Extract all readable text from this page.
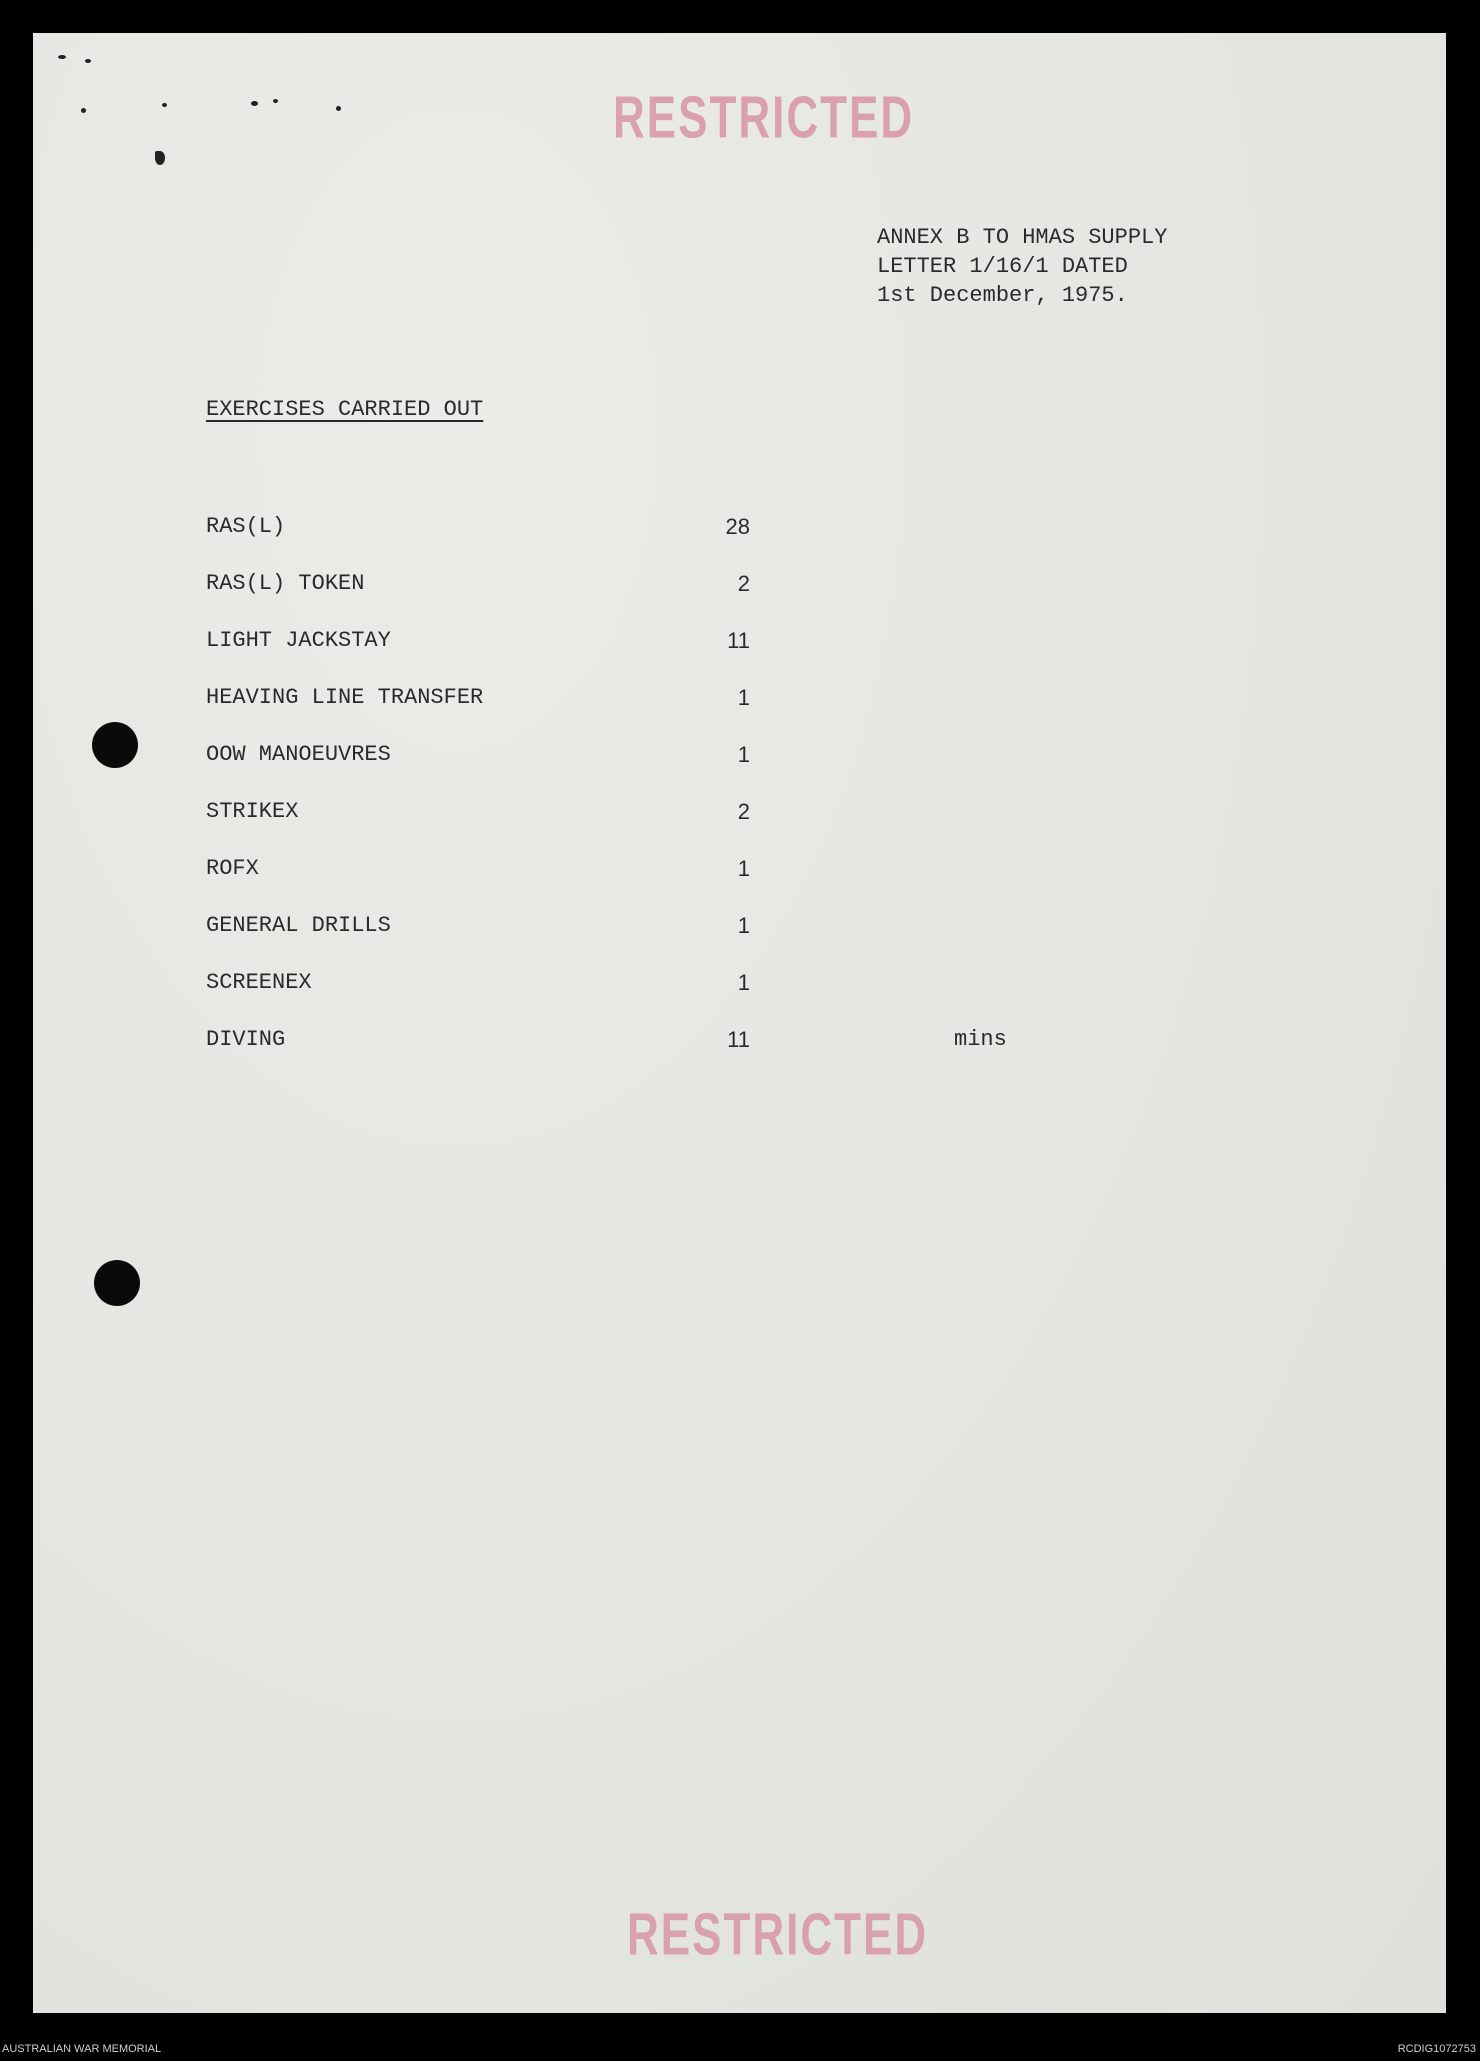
RESTRICTED
ANNEX B TO HMAS SUPPLY
LETTER 1/16/1 DATED
1st December, 1975.
EXERCISES CARRIED OUT
RAS(L)	28
RAS(L) TOKEN	2
LIGHT JACKSTAY	11
HEAVING LINE TRANSFER	1
OOW MANOEUVRES	1
STRIKEX	2
ROFX	1
GENERAL DRILLS	1
SCREENEX	1
DIVING	11	mins
RESTRICTED
AUSTRALIAN WAR MEMORIAL	RCDIG1072753
